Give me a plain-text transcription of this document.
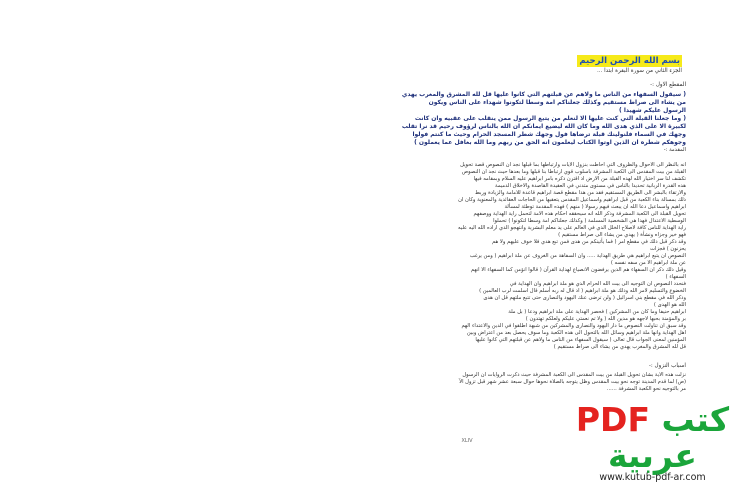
بسم الله الرحمن الرحيم
الجزء الثاني من سورة البقرة ابتدا ...
المقطع الاول :-
( سيقول السفهاء من الناس ما ولاهم عن قبلتهم التي كانوا عليها قل لله المشرق والمغرب يهدي
من يشاء الى صراط مستقيم وكذلك جعلناكم امة وسطا لتكونوا شهداء على الناس ويكون
الرسول عليكم شهيدا )
( وما جعلنا القبلة التي كنت عليها الا لنعلم من يتبع الرسول ممن ينقلب على عقبيه وان كانت
لكبيرة الا على الذي هدى الله وما كان الله ليضيع ايمانكم ان الله بالناس لرؤوف رحيم قد نرا تقلب
وجهك في السماء فلنولينك قبلة ترضاها فول وجهك شطر المسجد الحرام وحيث ما كنتم فولوا
وجوهكم شطره ان الذين اوتوا الكتاب ليعلمون انه الحق من ربهم وما الله بغافل عما يعملون )
المقدمة :-
انه بالنظر الى الاحوال والظروف التي احاطت بنزول الايات وارتباطها بما قبلها نجد ان النصوص قصة تحويل
القبلة من بيت المقدس الى الكعبة المشرفة باسلوب قوي ارتباطا بنا قبلها وما بعدها حيث نجد ان النصوص
تكشف لنا سر اختيار الله لهذه القبلة من الارض اذ اقترن ذكره بامر ابراهيم عليه السلام وبمقامه فيها
هذه القدرة الربانية تحديدا بالناس في مستوى متدني في العقيدة القاصدة والاخلاق الذميمة
والارتقاء بالبشر الى الطريق المستقيم فقد من هذا مقطع قصة ابراهيم قاعدة للامامة والزيادة وربط
ذلك بمسالة بناء الكعبة من قبل ابراهيم واسماعيل المقدس يتعقبها من الحاجات العقائدية والمعنوية وكان ان
ابراهيم واسماعيل دعا الله ان يبعث فيهم رسولا ( منهم ) فهذه المقدمة توطئة لمسألة
تحويل القبلة الى الكعبة المشرفة وذكر الله انه سيحققه احكام هذه الامة لتحمل راية الهداية ووصفهم
الوسطية الاعتدال فهذا هي الشخصية المسلمة ( وكذلك جعلناكم امة وسطا لتكونوا ) تحملوا
راية الهداية للناس كافة لاصلاح الخلل الذي في العالم على يد معلم البشرية وانتهجو الذي اراده الله اليه عليه
فهو خير وجزاه ونشأة ( يهدي من يشاء الى صراط مستقيم )
وقد ذكر قبل ذلك في مقطع امر ( فما يأتينكم من هدى فمن تبع هدي فلا خوف عليهم ولا هم
يحزنون ) فجزات
النصوص ان يتبع ابراهيم هي طريق الهداية ..... وان السفاهة من الغروف عن ملة ابراهيم ( ومن يرغب
عن ملة ابراهيم الا من سفه نفسه )
وقيل ذلك ذكر ان السفهاء هم الذين يرفضون الانصياع لهداية القرآن ( قالوا انؤمن كما السفهاء الا انهم
السفهاء )
فنحدد النصوص ان التوجيه الى بيت الله الحرام الذي هو ملة ابراهيم وان الهداية في
الخضوع والتسليم لامر الله وذلك هو ملة ابراهيم ( اذ قال له ربه أسلم قال اسلمت لرب العالمين )
وذكر الله في مقطع بني اسرائيل ( ولن ترضى عنك اليهود والنصارى حتى تتبع ملتهم قل ان هدى
الله هو الهدى )
ابراهيم حنيفا وما كان من المشركين ) فحصر الهداية على ملة ابراهيم ودعا ( بل ملة
بر والمؤمنة بحبها لاجهه هو مدين الله ( ولا تم نعمتي عليكم ولعلكم تهتدون )
وقد سبق ان تناولت النصوص ما دار اليهود والنصارى والمشركين من شبهة اطلقوا في الدين والاعتداء الهم
اهل الهداية وانها ملة ابراهيم وسائل الله بالتحول الى هذه الكعبة وما سوف يحصل بعد من اعتراض وبين
المؤمنين لمعنى الجواب قال تعالى ( سيقول السفهاء من الناس ما ولاهم عن قبلتهم التي كانوا عليها
قل لله المشرق والمغرب يهدي من يشاء الى صراط مستقيم )
اسباب النزول :-
نزلت هذه الاية بشان تحويل القبلة من بيت المقدس الى الكعبة المشرفة حيث ذكرت الروايات ان الرسول
(ص) لما قدم المدينة توجه نحو بيت المقدس وظل يتوجه بالصلاة نحوها حوال سبعة عشر شهر قبل تزول الآ
مر بالتوجيه نحو الكعبة المشرفة ......
XLIV
كتب PDF عربية
www.kutub-pdf-ar.com
